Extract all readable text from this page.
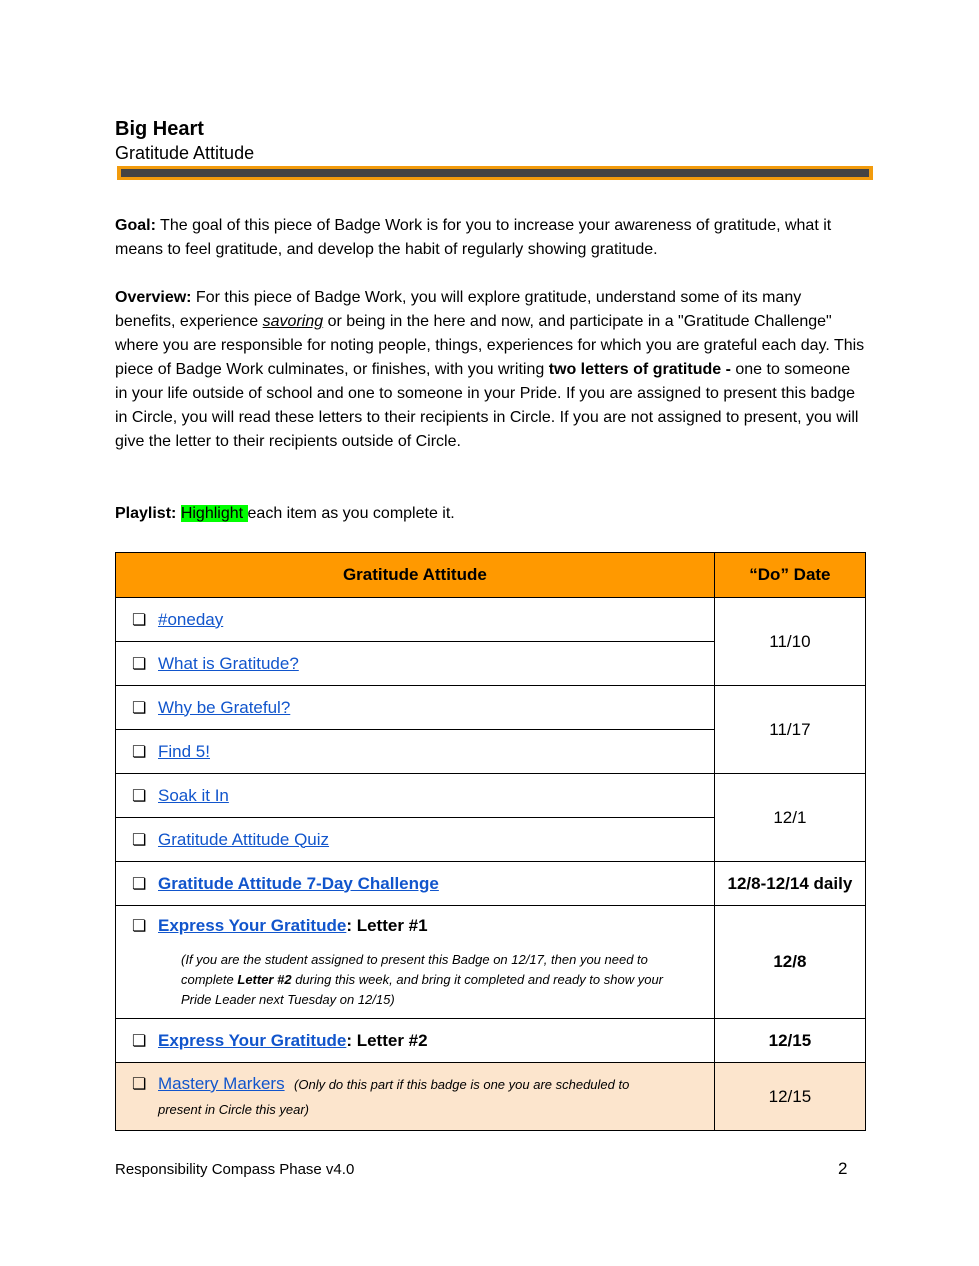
Big Heart
Gratitude Attitude
Goal: The goal of this piece of Badge Work is for you to increase your awareness of gratitude, what it means to feel gratitude, and develop the habit of regularly showing gratitude.
Overview: For this piece of Badge Work, you will explore gratitude, understand some of its many benefits, experience savoring or being in the here and now, and participate in a "Gratitude Challenge" where you are responsible for noting people, things, experiences for which you are grateful each day. This piece of Badge Work culminates, or finishes, with you writing two letters of gratitude - one to someone in your life outside of school and one to someone in your Pride. If you are assigned to present this badge in Circle, you will read these letters to their recipients in Circle. If you are not assigned to present, you will give the letter to their recipients outside of Circle.
Playlist: Highlight each item as you complete it.
Gratitude Attitude	“Do” Date

❏ #oneday	11/10

❏ What is Gratitude?	

❏ Why be Grateful?	11/17

❏ Find 5!	

❏ Soak it In	12/1

❏ Gratitude Attitude Quiz	

❏ Gratitude Attitude 7-Day Challenge	12/8-12/14 daily

❏ Express Your Gratitude : Letter #1
(If you are the student assigned to present this Badge on 12/17, then you need to complete Letter #2 during this week, and bring it completed and ready to show your Pride Leader next Tuesday on 12/15)	12/8

❏ Express Your Gratitude : Letter #2	12/15

❏ Mastery Markers (Only do this part if this badge is one you are scheduled to
present in Circle this year)	12/15
Responsibility Compass Phase v4.0	2
